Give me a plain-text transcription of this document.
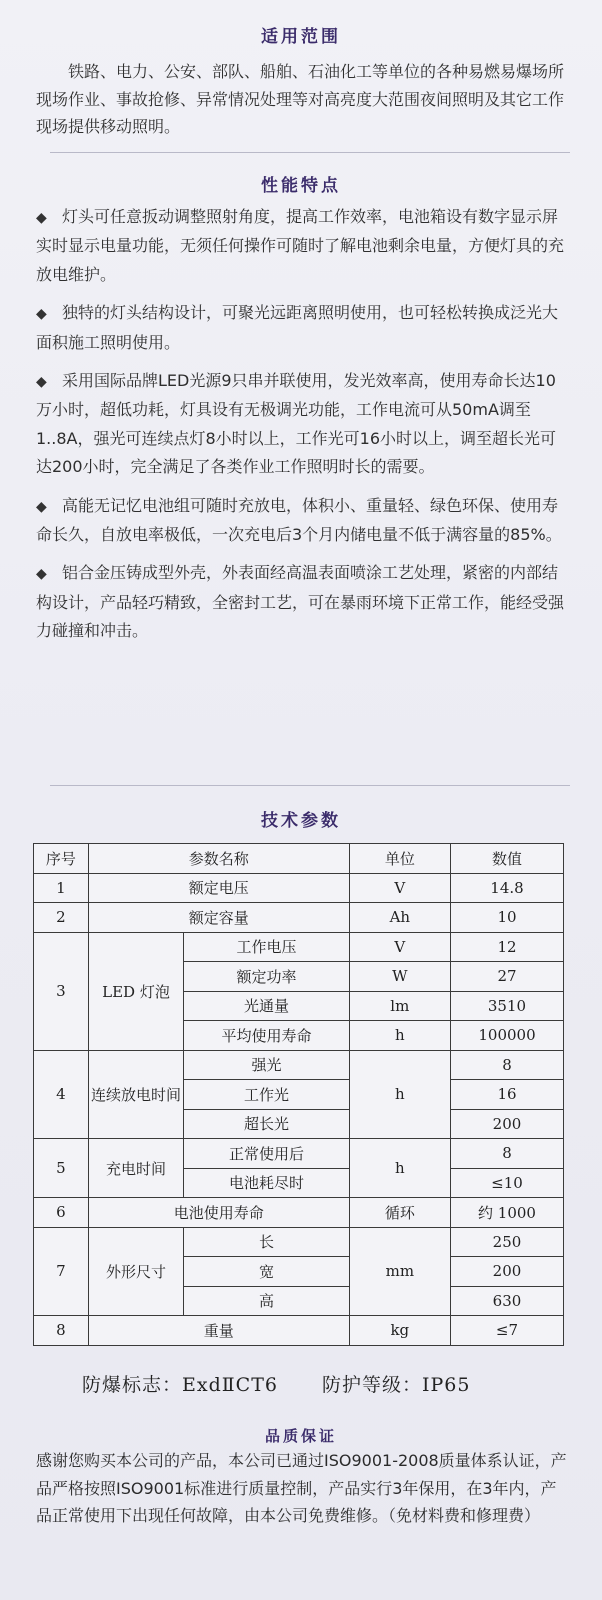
适用范围
铁路、电力、公安、部队、船舶、石油化工等单位的各种易燃易爆场所现场作业、事故抢修、异常情况处理等对高亮度大范围夜间照明及其它工作现场提供移动照明。
性能特点

◆ 灯头可任意扳动调整照射角度，提高工作效率，电池箱设有数字显示屏实时显示电量功能，无须任何操作可随时了解电池剩余电量，方便灯具的充放电维护。

◆ 独特的灯头结构设计，可聚光远距离照明使用，也可轻松转换成泛光大面积施工照明使用。

◆ 采用国际品牌LED光源9只串并联使用，发光效率高，使用寿命长达10万小时，超低功耗，灯具设有无极调光功能，工作电流可从50mA调至1..8A，强光可连续点灯8小时以上，工作光可16小时以上，调至超长光可达200小时，完全满足了各类作业工作照明时长的需要。

◆ 高能无记忆电池组可随时充放电，体积小、重量轻、绿色环保、使用寿命长久，自放电率极低，一次充电后3个月内储电量不低于满容量的85%。

◆ 铝合金压铸成型外壳，外表面经高温表面喷涂工艺处理，紧密的内部结构设计，产品轻巧精致，全密封工艺，可在暴雨环境下正常工作，能经受强力碰撞和冲击。

技术参数
序号	参数名称		单位	数值
1	额定电压		V	14.8
2	额定容量		Ah	10
3	LED 灯泡	工作电压	V	12
		额定功率	W	27
		光通量	lm	3510
		平均使用寿命	h	100000
4	连续放电时间	强光	h	8
		工作光		16
		超长光		200
5	充电时间	正常使用后	h	8
		电池耗尽时		≤10
6	电池使用寿命		循环	约 1000
7	外形尺寸	长	mm	250
		宽		200
		高		630
8	重量		kg	≤7
防爆标志：ExdⅡCT6 防护等级：IP65
品质保证
感谢您购买本公司的产品，本公司已通过ISO9001-2008质量体系认证，产品严格按照ISO9001标准进行质量控制，产品实行3年保用，在3年内，产品正常使用下出现任何故障，由本公司免费维修。（免材料费和修理费）
